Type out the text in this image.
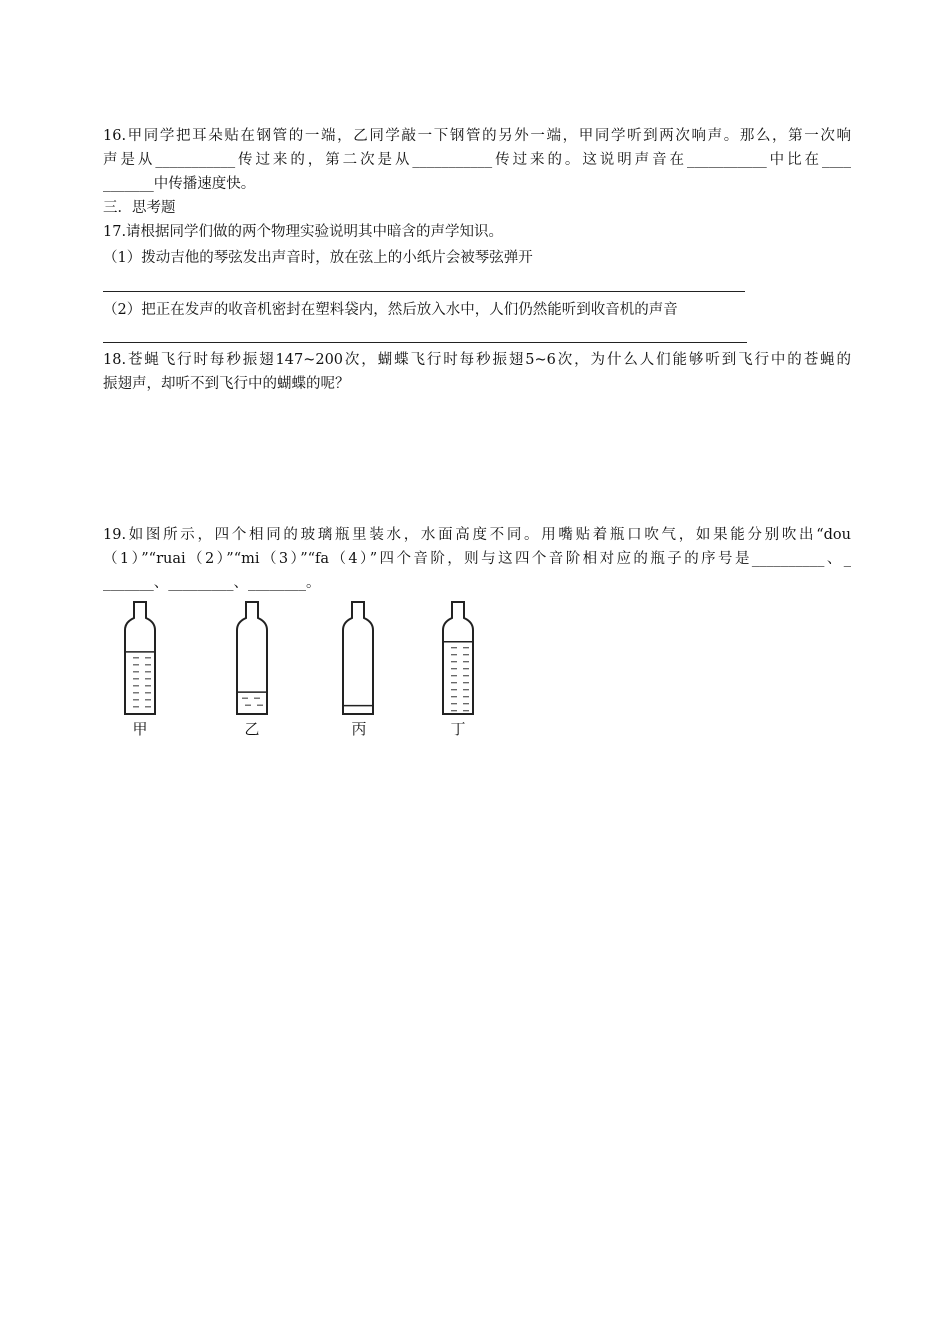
16.甲同学把耳朵贴在钢管的一端，乙同学敲一下钢管的另外一端，甲同学听到两次响声。那么，第一次响
声是从___________传过来的，第二次是从___________传过来的。这说明声音在___________中比在____
_______中传播速度快。
三．思考题
17.请根据同学们做的两个物理实验说明其中暗含的声学知识。
（1）拨动吉他的琴弦发出声音时，放在弦上的小纸片会被琴弦弹开
（2）把正在发声的收音机密封在塑料袋内，然后放入水中，人们仍然能听到收音机的声音
18.苍蝇飞行时每秒振翅147~200次，蝴蝶飞行时每秒振翅5~6次，为什么人们能够听到飞行中的苍蝇的
振翅声，却听不到飞行中的蝴蝶的呢？
19.如图所示，四个相同的玻璃瓶里装水，水面高度不同。用嘴贴着瓶口吹气，如果能分别吹出“dou
（1）”“ruai（2）”“mi（3）”“fa（4）”四个音阶，则与这四个音阶相对应的瓶子的序号是__________、_
_______、_________、________。
甲	乙	丙	丁
